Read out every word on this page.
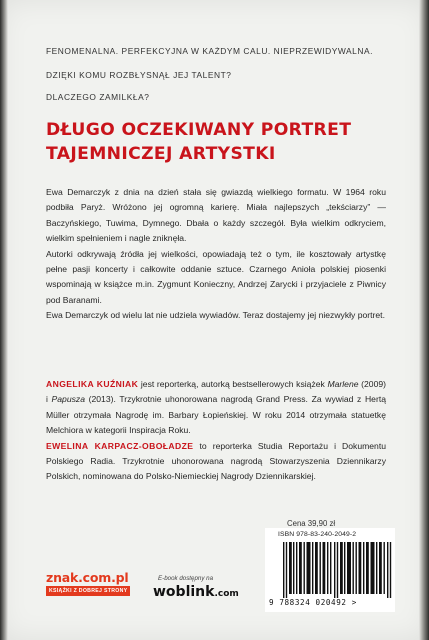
FENOMENALNA. PERFEKCYJNA W KAŻDYM CALU. NIEPRZEWIDYWALNA.
DZIĘKI KOMU ROZBŁYSNĄŁ JEJ TALENT?
DLACZEGO ZAMILKŁA?
DŁUGO OCZEKIWANY PORTRET
TAJEMNICZEJ ARTYSTKI

Ewa Demarczyk z dnia na dzień stała się gwiazdą wielkiego formatu. W 1964 roku podbiła Paryż. Wróżono jej ogromną karierę. Miała najlepszych „tekściarzy” — Baczyńskiego, Tuwima, Dymnego. Dbała o każdy szczegół. Była wielkim odkryciem, wielkim spełnieniem i nagle zniknęła.

Autorki odkrywają źródła jej wielkości, opowiadają też o tym, ile kosztowały artystkę pełne pasji koncerty i całkowite oddanie sztuce. Czarnego Anioła polskiej piosenki wspominają w książce m.in. Zygmunt Konieczny, Andrzej Zarycki i przyjaciele z Piwnicy pod Baranami.

Ewa Demarczyk od wielu lat nie udziela wywiadów. Teraz dostajemy jej niezwykły portret.

ANGELIKA KUŹNIAK jest reporterką, autorką bestsellerowych książek Marlene (2009) i Papusza (2013). Trzykrotnie uhonorowana nagrodą Grand Press. Za wywiad z Hertą Müller otrzymała Nagrodę im. Barbary Łopieńskiej. W roku 2014 otrzymała statuetkę Melchiora w kategorii Inspiracja Roku.

EWELINA KARPACZ-OBOŁADZE to reporterka Studia Reportażu i Dokumentu Polskiego Radia. Trzykrotnie uhonorowana nagrodą Stowarzyszenia Dziennikarzy Polskich, nominowana do Polsko-Niemieckiej Nagrody Dziennikarskiej.

Cena 39,90 zł
ISBN 978-83-240-2049-2
9 788324 020492 >
znak.com.pl
KSIĄŻKI Z DOBREJ STRONY
E-book dostępny na
woblink.com
